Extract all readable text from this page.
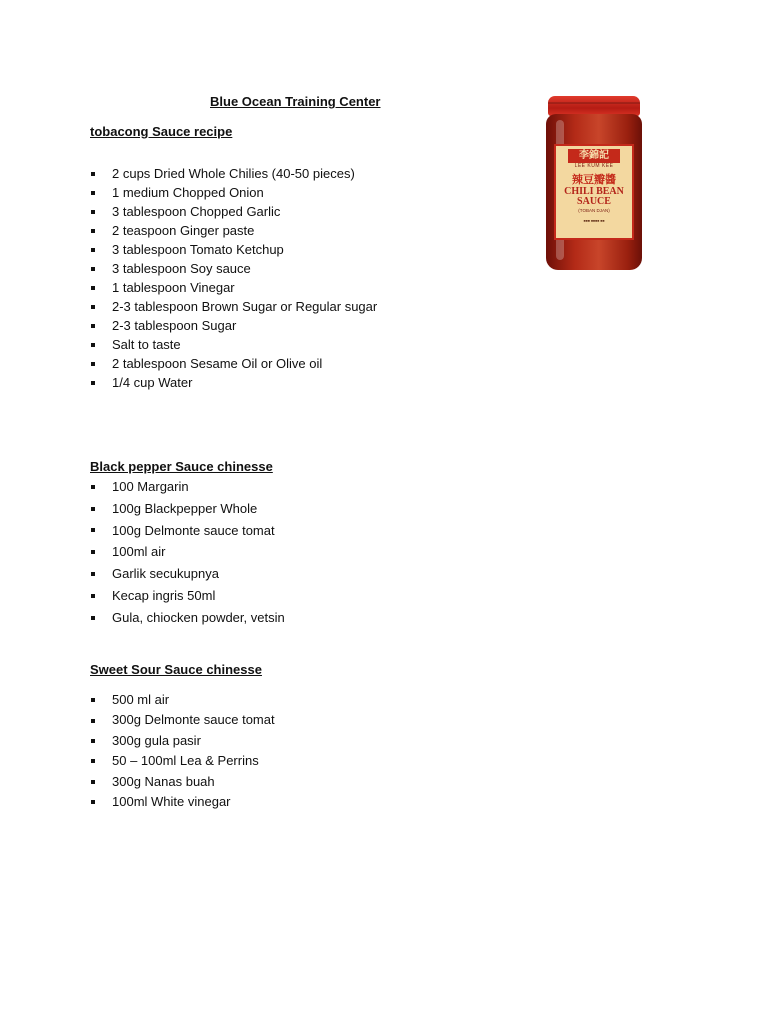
Blue Ocean Training Center
tobacong Sauce recipe
2 cups Dried Whole Chilies (40-50 pieces)
1 medium Chopped Onion
3 tablespoon Chopped Garlic
2 teaspoon Ginger paste
3 tablespoon Tomato Ketchup
3 tablespoon Soy sauce
1 tablespoon Vinegar
2-3 tablespoon Brown Sugar or Regular sugar
2-3 tablespoon Sugar
Salt to taste
2 tablespoon Sesame Oil or Olive oil
1/4 cup Water
Black pepper Sauce chinesse
100 Margarin
100g Blackpepper Whole
100g Delmonte sauce tomat
100ml air
Garlik secukupnya
Kecap ingris 50ml
Gula, chiocken powder, vetsin
Sweet Sour Sauce chinesse
500 ml air
300g Delmonte sauce tomat
300g gula pasir
50 – 100ml Lea & Perrins
300g Nanas buah
100ml White vinegar
李錦記
LEE KUM KEE
辣豆瓣醬
CHILI BEAN
SAUCE
(TOBAN DJAN)
■■■ ■■■■ ■■
